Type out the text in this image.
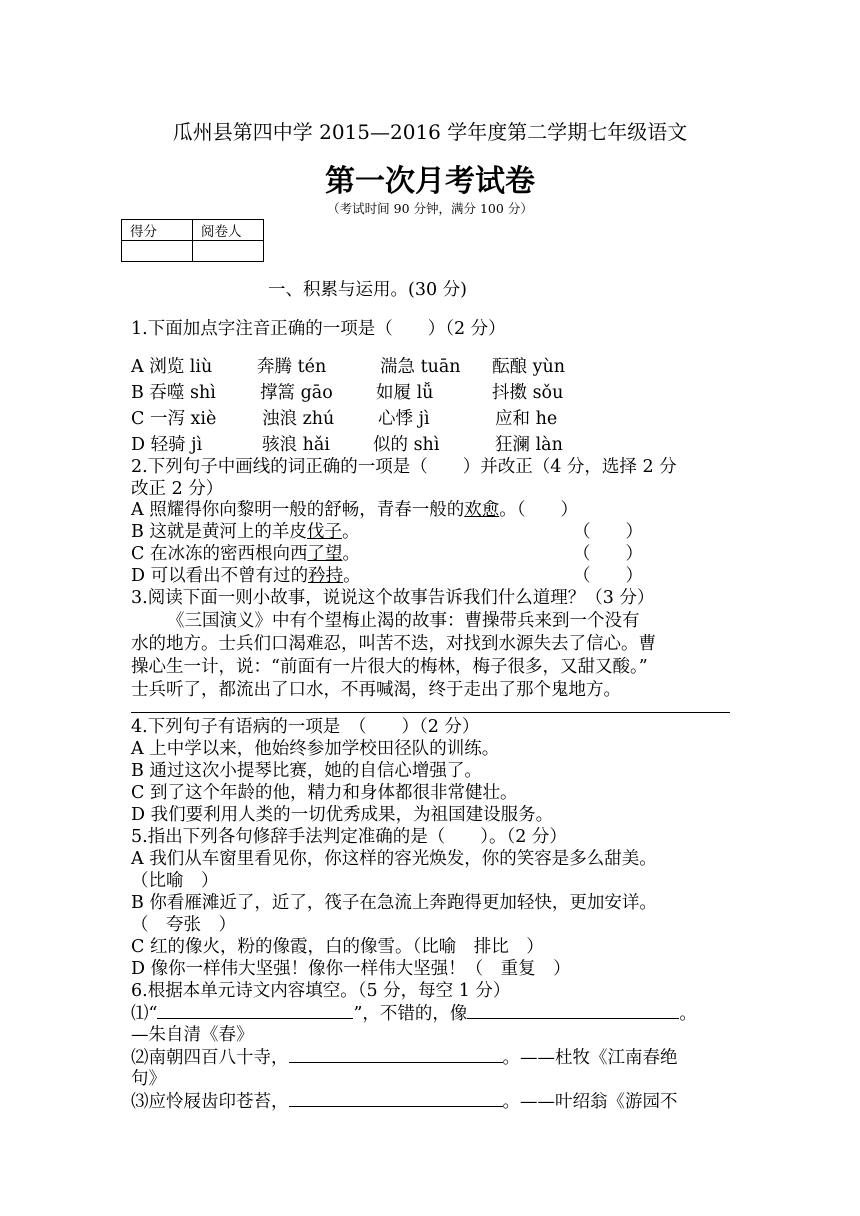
瓜州县第四中学 2015—2016 学年度第二学期七年级语文
第一次月考试卷
（考试时间 90 分钟，满分 100 分）
得分	阅卷人

一、积累与运用。(30 分)
1.下面加点字注音正确的一项是（　　）（2 分）
A 浏览 liù	奔腾 tén	湍急 tuān 酝酿 yùn
B 吞噬 shì	撑篙 gāo 如履 lǚ	抖擞 sǒu
C 一泻 xiè	浊浪 zhú 心悸 jì	应和 he
D 轻骑 jì	骇浪 hǎi 似的 shì	狂澜 làn
2.下列句子中画线的词正确的一项是（　　）并改正（4 分，选择 2 分
改正 2 分）
A 照耀得你向黎明一般的舒畅，青春一般的欢愈。（　　）
B 这就是黄河上的羊皮伐子。	（　　）
C 在冰冻的密西根向西了望。	（　　）
D 可以看出不曾有过的矜持。	（　　）
3.阅读下面一则小故事，说说这个故事告诉我们什么道理？（3 分）
《三国演义》中有个望梅止渴的故事：曹操带兵来到一个没有
水的地方。士兵们口渴难忍，叫苦不迭，对找到水源失去了信心。曹
操心生一计，说：“前面有一片很大的梅林，梅子很多，又甜又酸。”
士兵听了，都流出了口水，不再喊渴，终于走出了那个鬼地方。
4.下列句子有语病的一项是　（　　）（2 分）
A 上中学以来，他始终参加学校田径队的训练。
B 通过这次小提琴比赛，她的自信心增强了。
C 到了这个年龄的他，精力和身体都很非常健壮。
D 我们要利用人类的一切优秀成果，为祖国建设服务。
5.指出下列各句修辞手法判定准确的是（　　）。（2 分）
A 我们从车窗里看见你，你这样的容光焕发，你的笑容是多么甜美。
（比喻　）
B 你看雁滩近了，近了，筏子在急流上奔跑得更加轻快，更加安详。
（　夸张　）
C 红的像火，粉的像霞，白的像雪。（比喻　排比　）
D 像你一样伟大坚强！像你一样伟大坚强！（　重复　）
6.根据本单元诗文内容填空。（5 分，每空 1 分）
⑴“	”，不错的，像	。
—朱自清《春》
⑵南朝四百八十寺，	。——杜牧《江南春绝
句》
⑶应怜屐齿印苍苔，	。——叶绍翁《游园不
